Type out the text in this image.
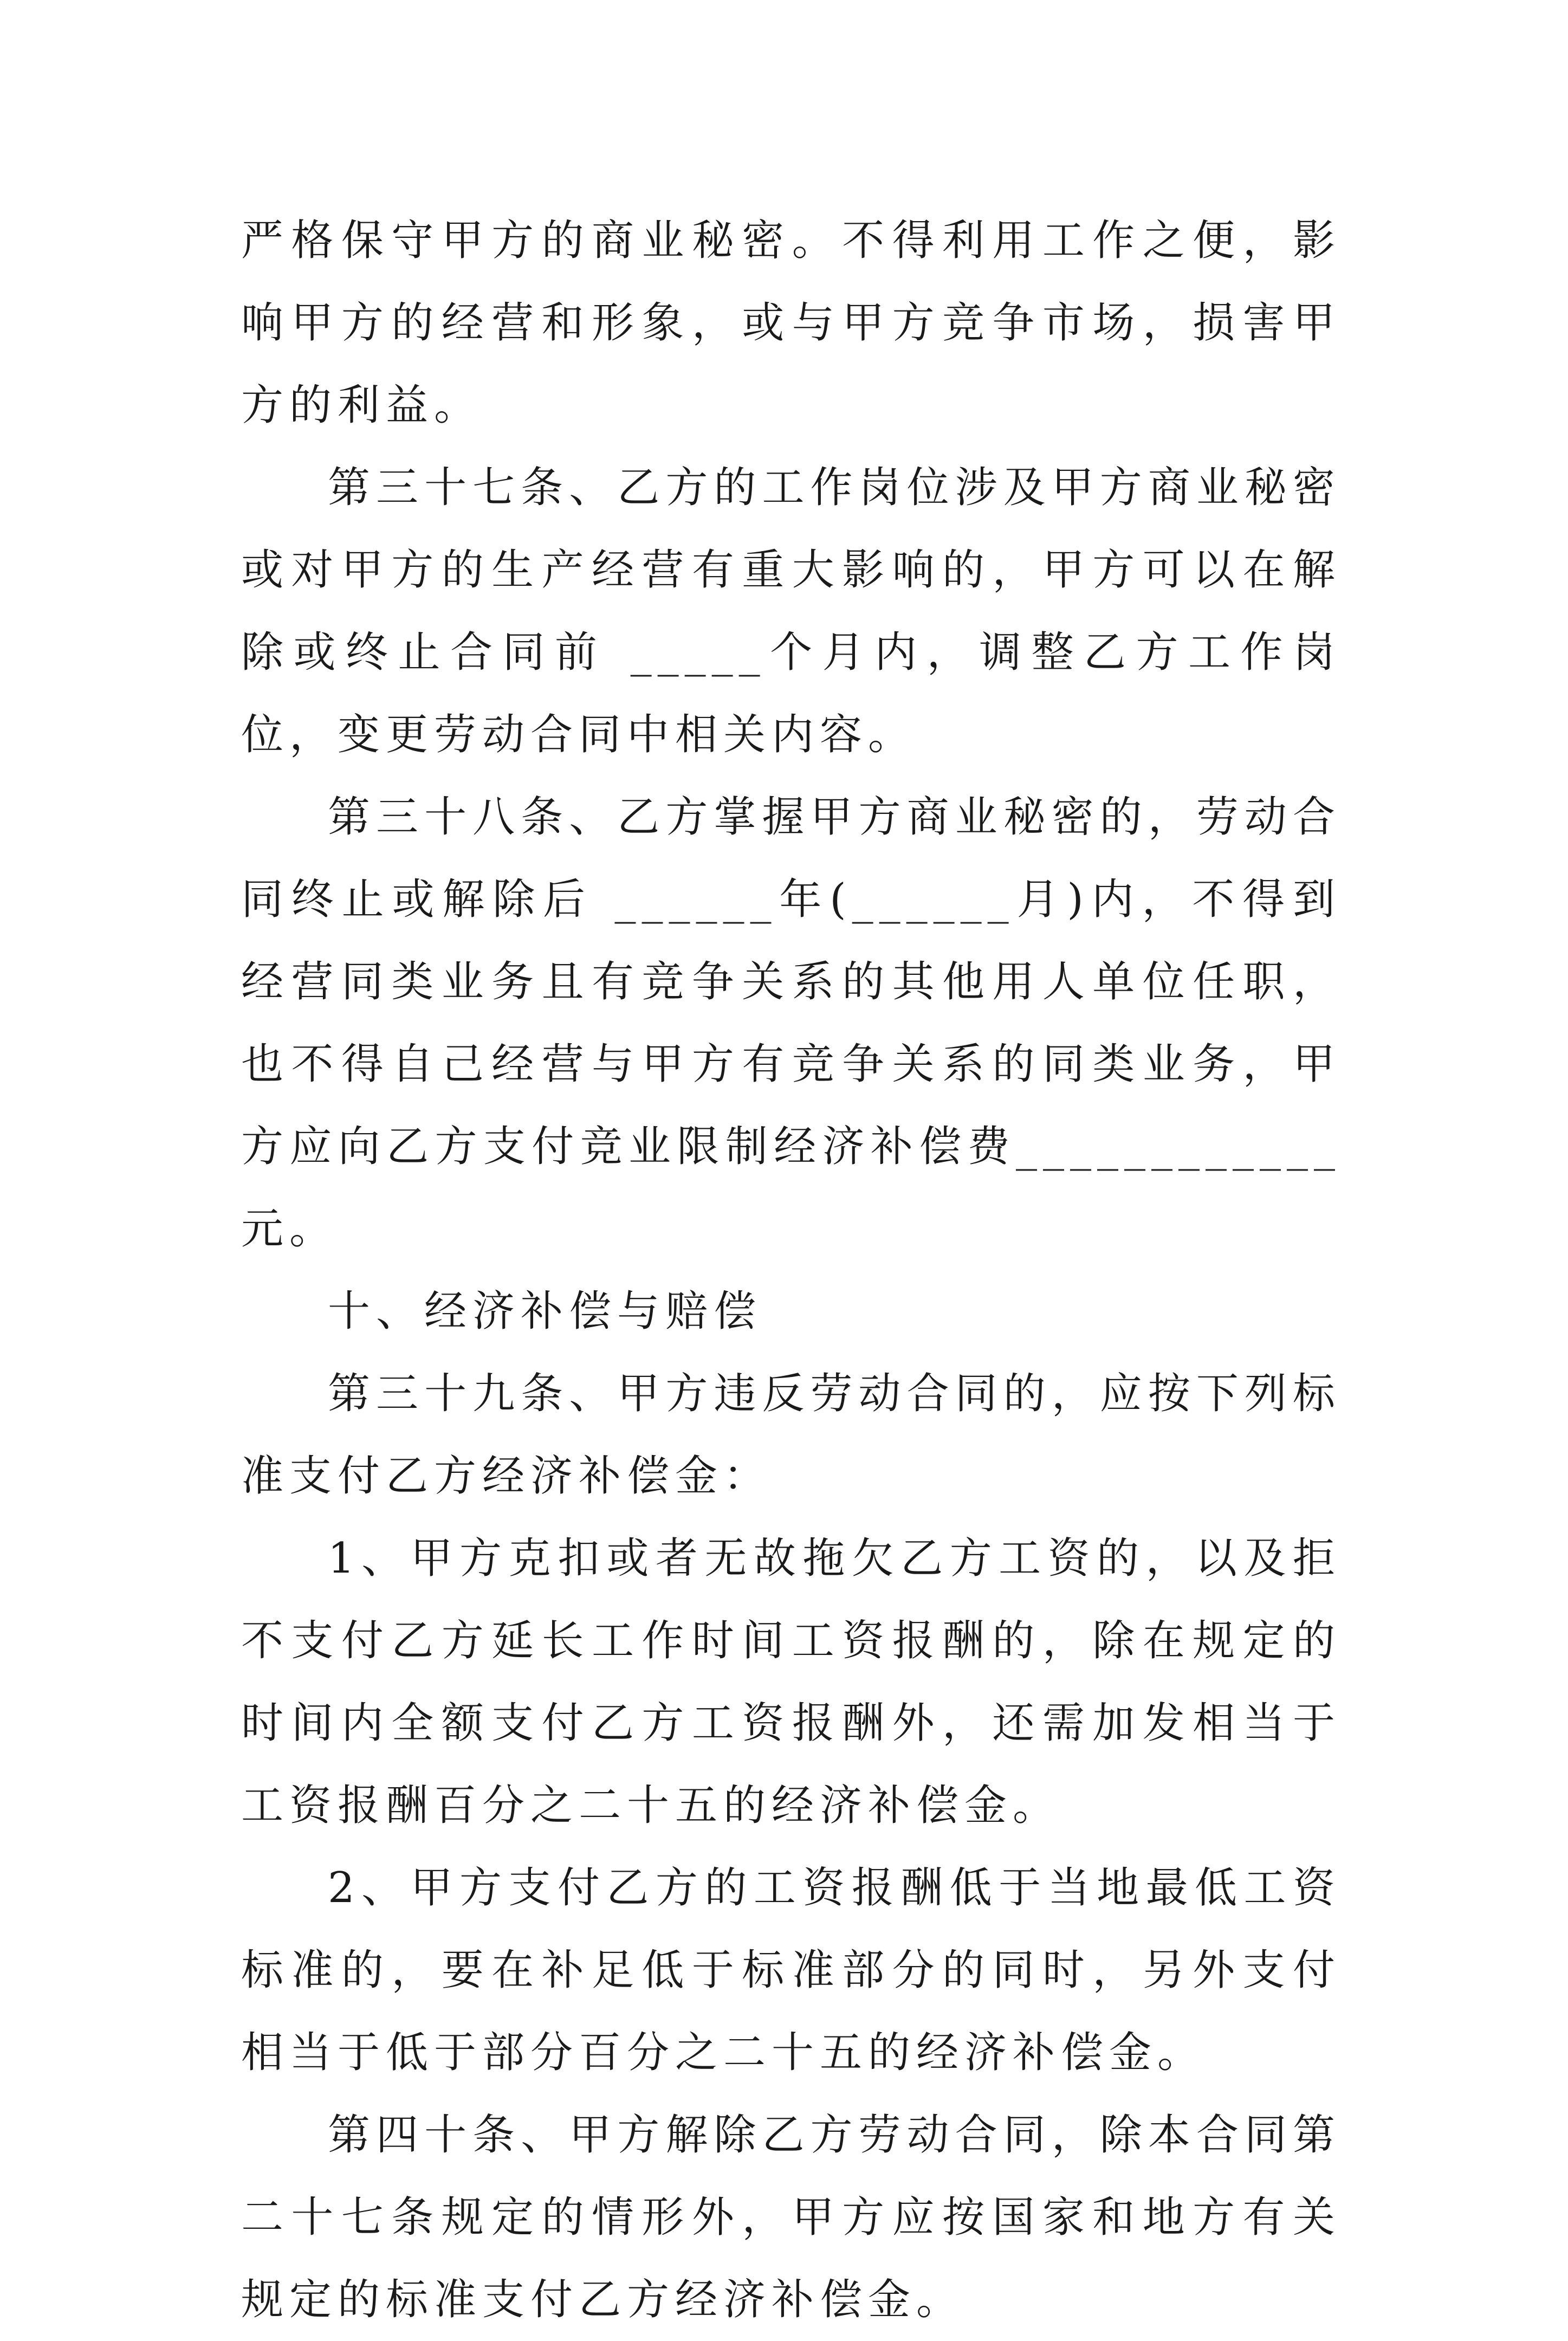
严格保守甲方的商业秘密。不得利用工作之便，影响甲方的经营和形象，或与甲方竞争市场，损害甲方的利益。

第三十七条、乙方的工作岗位涉及甲方商业秘密或对甲方的生产经营有重大影响的，甲方可以在解除或终止合同前 _____个月内，调整乙方工作岗位，变更劳动合同中相关内容。

第三十八条、乙方掌握甲方商业秘密的，劳动合同终止或解除后 ______年(______月)内，不得到经营同类业务且有竞争关系的其他用人单位任职，也不得自己经营与甲方有竞争关系的同类业务，甲方应向乙方支付竞业限制经济补偿费____________元。

十、经济补偿与赔偿

第三十九条、甲方违反劳动合同的，应按下列标准支付乙方经济补偿金：

1、甲方克扣或者无故拖欠乙方工资的，以及拒不支付乙方延长工作时间工资报酬的，除在规定的时间内全额支付乙方工资报酬外，还需加发相当于工资报酬百分之二十五的经济补偿金。

2、甲方支付乙方的工资报酬低于当地最低工资标准的，要在补足低于标准部分的同时，另外支付相当于低于部分百分之二十五的经济补偿金。

第四十条、甲方解除乙方劳动合同，除本合同第二十七条规定的情形外，甲方应按国家和地方有关规定的标准支付乙方经济补偿金。
